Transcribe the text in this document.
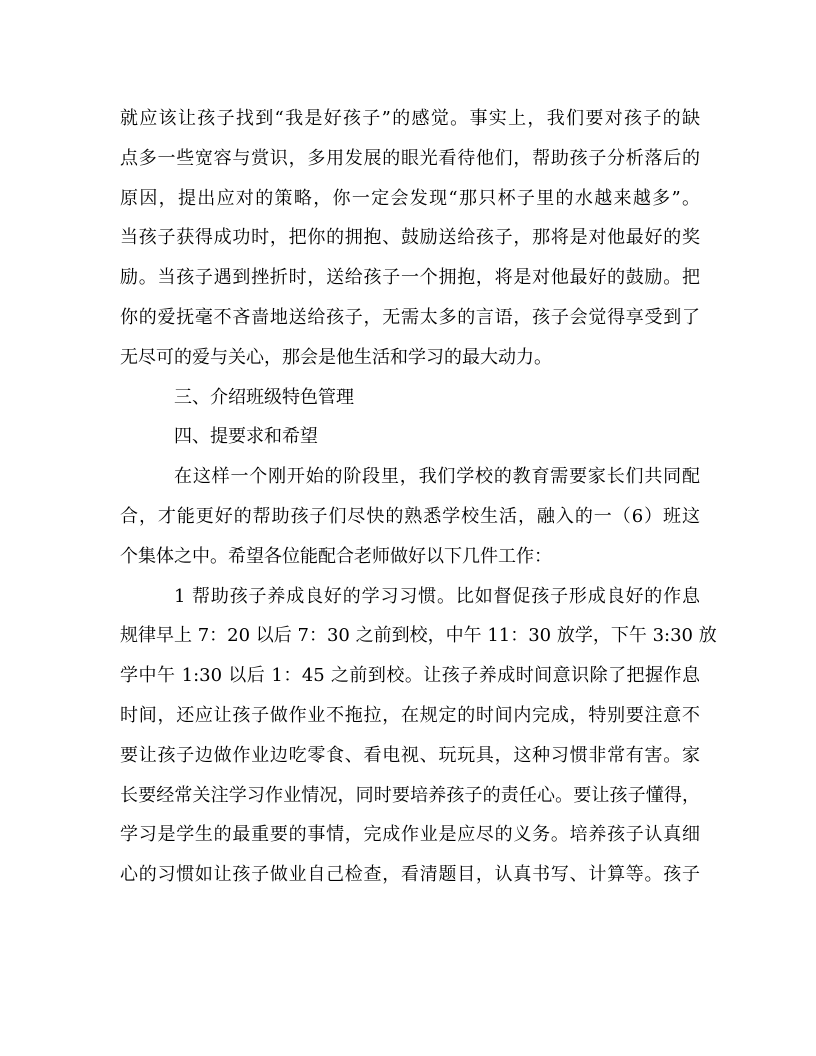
就应该让孩子找到“我是好孩子”的感觉。事实上，我们要对孩子的缺
点多一些宽容与赏识，多用发展的眼光看待他们，帮助孩子分析落后的
原因，提出应对的策略，你一定会发现“那只杯子里的水越来越多”。
当孩子获得成功时，把你的拥抱、鼓励送给孩子，那将是对他最好的奖
励。当孩子遇到挫折时，送给孩子一个拥抱，将是对他最好的鼓励。把
你的爱抚毫不吝啬地送给孩子，无需太多的言语，孩子会觉得享受到了
无尽可的爱与关心，那会是他生活和学习的最大动力。
三、介绍班级特色管理
四、提要求和希望
在这样一个刚开始的阶段里，我们学校的教育需要家长们共同配
合，才能更好的帮助孩子们尽快的熟悉学校生活，融入的一（6）班这
个集体之中。希望各位能配合老师做好以下几件工作：
1 帮助孩子养成良好的学习习惯。比如督促孩子形成良好的作息
规律早上 7：20 以后 7：30 之前到校，中午 11：30 放学，下午 3:30 放
学中午 1:30 以后 1：45 之前到校。让孩子养成时间意识除了把握作息
时间，还应让孩子做作业不拖拉，在规定的时间内完成，特别要注意不
要让孩子边做作业边吃零食、看电视、玩玩具，这种习惯非常有害。家
长要经常关注学习作业情况，同时要培养孩子的责任心。要让孩子懂得，
学习是学生的最重要的事情，完成作业是应尽的义务。培养孩子认真细
心的习惯如让孩子做业自己检查，看清题目，认真书写、计算等。孩子
